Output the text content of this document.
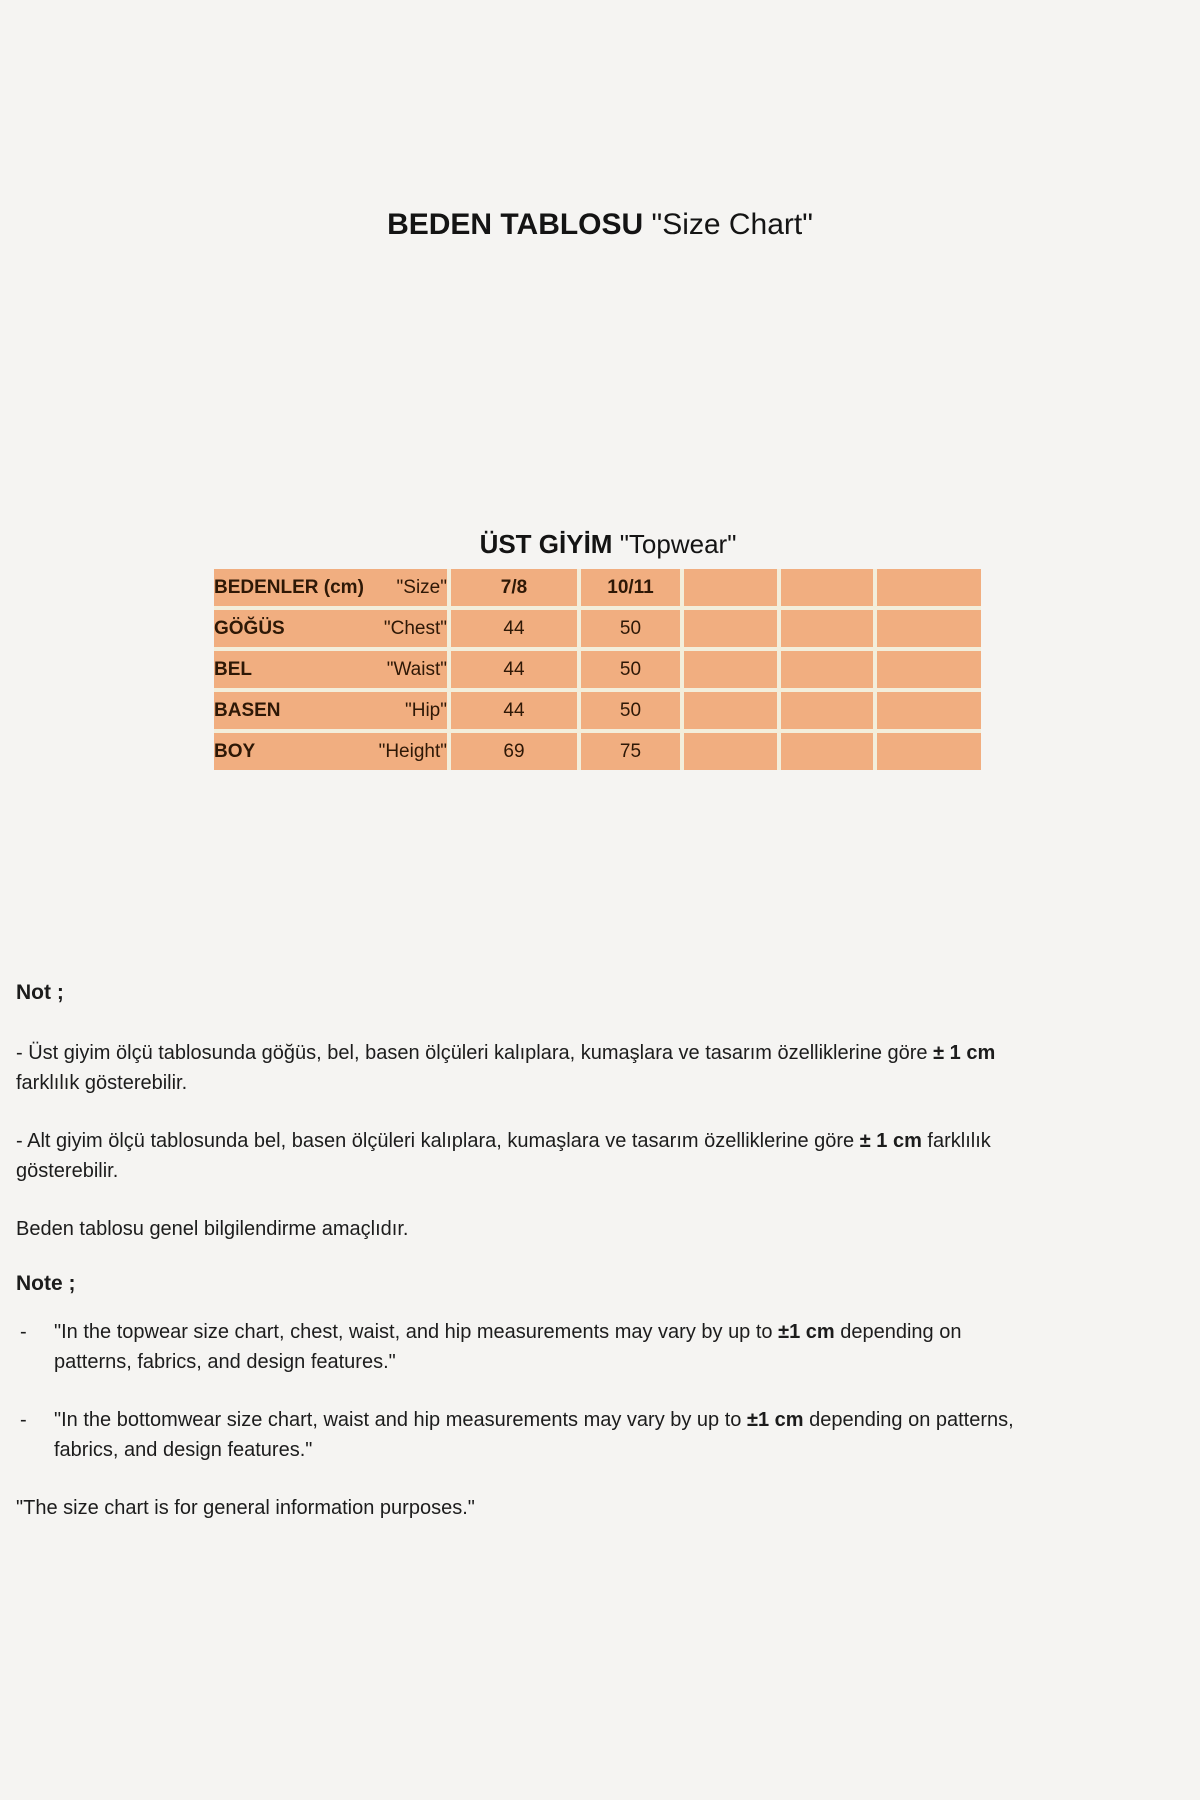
BEDEN TABLOSU "Size Chart"
ÜST GİYİM "Topwear"
BEDENLER (cm) "Size"	7/8	10/11			

GÖĞÜS "Chest"	44	50			

BEL "Waist"	44	50			

BASEN "Hip"	44	50			

BOY "Height"	69	75			

Not ;

- Üst giyim ölçü tablosunda göğüs, bel, basen ölçüleri kalıplara, kumaşlara ve tasarım özelliklerine göre ± 1 cm farklılık gösterebilir.

- Alt giyim ölçü tablosunda bel, basen ölçüleri kalıplara, kumaşlara ve tasarım özelliklerine göre ± 1 cm farklılık gösterebilir.

Beden tablosu genel bilgilendirme amaçlıdır.

Note ;

-	"In the topwear size chart, chest, waist, and hip measurements may vary by up to ±1 cm depending on patterns, fabrics, and design features."
-	"In the bottomwear size chart, waist and hip measurements may vary by up to ±1 cm depending on patterns, fabrics, and design features."

"The size chart is for general information purposes."
